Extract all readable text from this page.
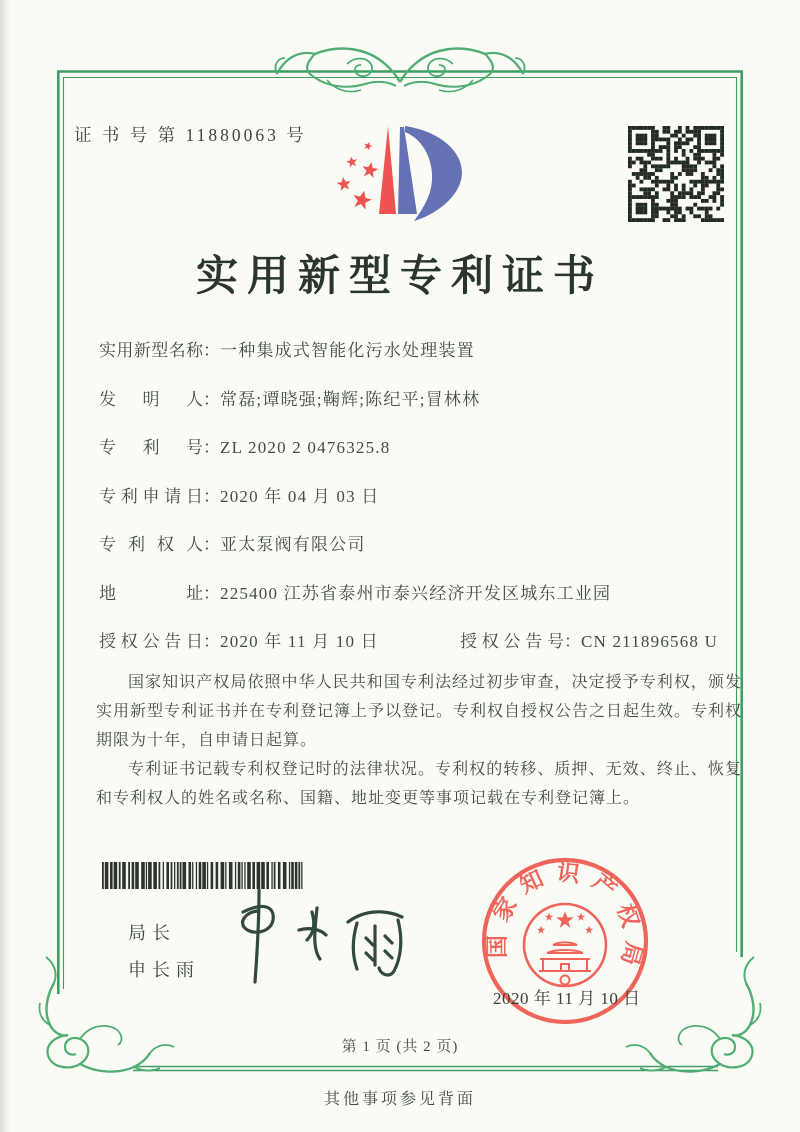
证 书 号 第 11880063 号
实用新型专利证书
实用新型名称：一种集成式智能化污水处理装置
发明人：常磊;谭晓强;鞠辉;陈纪平;冒林林
专利号：ZL 2020 2 0476325.8
专利申请日：2020 年 04 月 03 日
专利权人：亚太泵阀有限公司
地址：225400 江苏省泰州市泰兴经济开发区城东工业园
授权公告日：2020 年 11 月 10 日	授权公告号：CN 211896568 U

国家知识产权局依照中华人民共和国专利法经过初步审查，决定授予专利权，颁发实用新型专利证书并在专利登记簿上予以登记。专利权自授权公告之日起生效。专利权期限为十年，自申请日起算。

专利证书记载专利权登记时的法律状况。专利权的转移、质押、无效、终止、恢复和专利权人的姓名或名称、国籍、地址变更等事项记载在专利登记簿上。

局长
申长雨
国家知识产权局
2020 年 11 月 10 日
第 1 页 (共 2 页)
其他事项参见背面
